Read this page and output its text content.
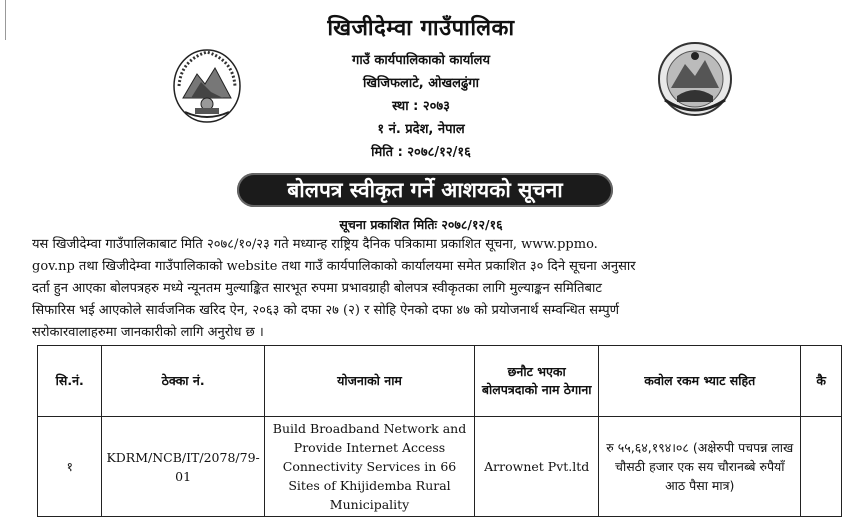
खिजीदेम्वा गाउँपालिका
गाउँ कार्यपालिकाको कार्यालय
खिजिफलाटे, ओखलढुंगा
स्था : २०७३
१ नं. प्रदेश, नेपाल
मिति : २०७८/१२/१६
बोलपत्र स्वीकृत गर्ने आशयको सूचना
सूचना प्रकाशित मितिः २०७८/१२/१६
यस खिजीदेम्वा गाउँपालिकाबाट मिति २०७८/१०/२३ गते मध्यान्ह राष्ट्रिय दैनिक पत्रिकामा प्रकाशित सूचना, www.ppmo.
gov.np तथा खिजीदेम्वा गाउँपालिकाको website तथा गाउँ कार्यपालिकाको कार्यालयमा समेत प्रकाशित ३० दिने सूचना अनुसार
दर्ता हुन आएका बोलपत्रहरु मध्ये न्यूनतम मुल्याङ्कित सारभूत रुपमा प्रभावग्राही बोलपत्र स्वीकृतका लागि मुल्याङ्कन समितिबाट
सिफारिस भई आएकोले सार्वजनिक खरिद ऐन, २०६३ को दफा २७ (२) र सोहि ऐनको दफा ४७ को प्रयोजनार्थ सम्वन्धित सम्पुर्ण
सरोकारवालाहरुमा जानकारीको लागि अनुरोध छ ।
सि.नं.	ठेक्का नं.	योजनाको नाम	छनौट भएका बोलपत्रदाको नाम ठेगाना	कवोल रकम भ्याट सहित	कै
१	KDRM/NCB/IT/2078/79-01	Build Broadband Network and Provide Internet Access Connectivity Services in 66 Sites of Khijidemba Rural Municipality	Arrownet Pvt.ltd	रु ५५,६४,१९४।०८ (अक्षेरुपी पचपन्न लाख चौसठी हजार एक सय चौरानब्बे रुपैयाँ आठ पैसा मात्र)	
